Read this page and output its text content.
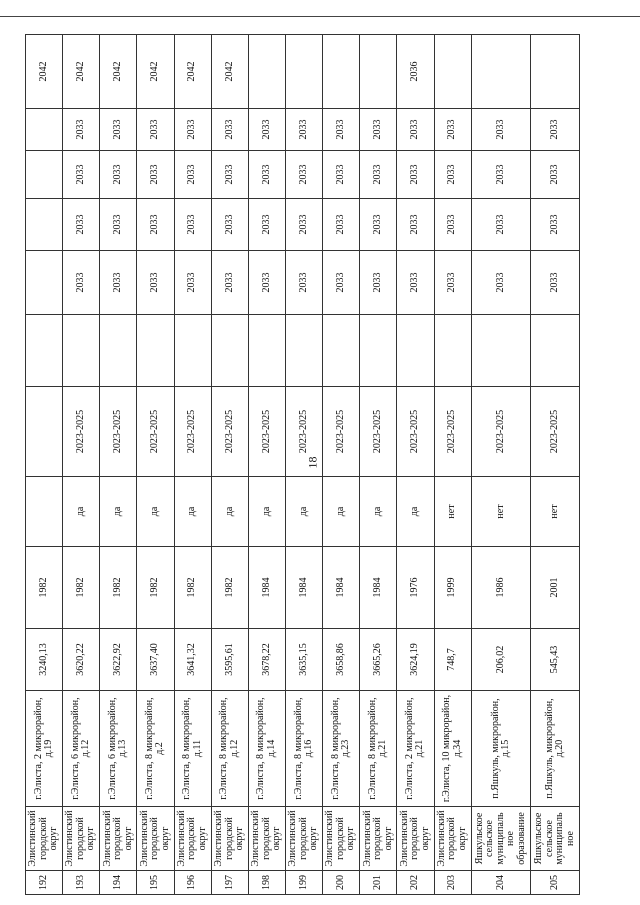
192	Элистинский городской округ	г.Элиста, 2 микрорайон, д.19	3240,13	1982								2042
193	Элистинский городской округ	г.Элиста, 6 микрорайон, д.12	3620,22	1982	да	2023-2025		2033	2033	2033	2033	2042
194	Элистинский городской округ	г.Элиста, 6 микрорайон, д.13	3622,92	1982	да	2023-2025		2033	2033	2033	2033	2042
195	Элистинский городской округ	г.Элиста, 8 микрорайон, д.2	3637,40	1982	да	2023-2025		2033	2033	2033	2033	2042
196	Элистинский городской округ	г.Элиста, 8 микрорайон, д.11	3641,32	1982	да	2023-2025		2033	2033	2033	2033	2042
197	Элистинский городской округ	г.Элиста, 8 микрорайон, д.12	3595,61	1982	да	2023-2025		2033	2033	2033	2033	2042
198	Элистинский городской округ	г.Элиста, 8 микрорайон, д.14	3678,22	1984	да	2023-2025		2033	2033	2033	2033	
199	Элистинский городской округ	г.Элиста, 8 микрорайон, д.16	3635,15	1984	да	2023-2025		2033	2033	2033	2033	
200	Элистинский городской округ	г.Элиста, 8 микрорайон, д.23	3658,86	1984	да	2023-2025		2033	2033	2033	2033	
201	Элистинский городской округ	г.Элиста, 8 микрорайон, д.21	3665,26	1984	да	2023-2025		2033	2033	2033	2033	
202	Элистинский городской округ	г.Элиста, 2 микрорайон, д.21	3624,19	1976	да	2023-2025		2033	2033	2033	2033	2036
203	Элистинский городской округ	г.Элиста, 10 микрорайон, д.34	748,7	1999	нет	2023-2025		2033	2033	2033	2033	
204	Яшкульское сельское муниципальное образование	п.Яшкуль, микрорайон, д.15	206,02	1986	нет	2023-2025		2033	2033	2033	2033	
205	Яшкульское сельское муниципальное	п.Яшкуль, микрорайон, д.20	545,43	2001	нет	2023-2025		2033	2033	2033	2033	
18
